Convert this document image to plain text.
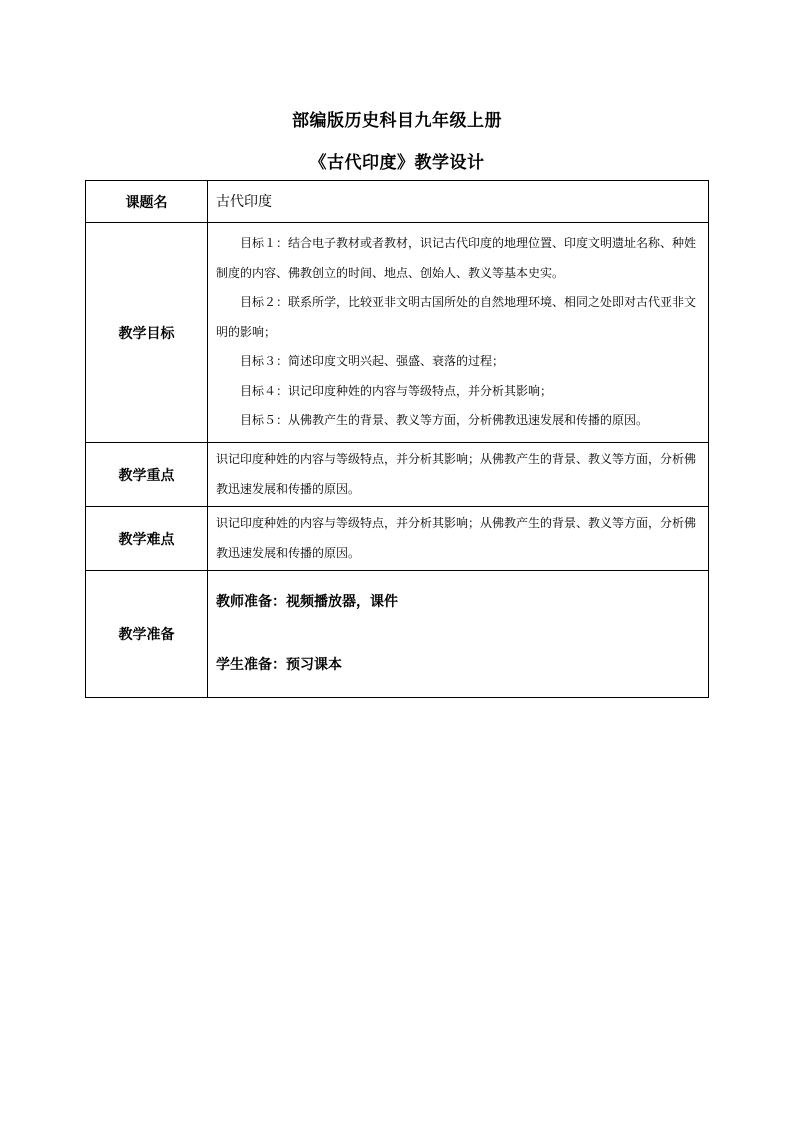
部编版历史科目九年级上册
《古代印度》教学设计
课题名	古代印度

教学目标	目标１：结合电子教材或者教材，识记古代印度的地理位置、印度文明遗址名称、种姓制度的内容、佛教创立的时间、地点、创始人、教义等基本史实。
目标２：联系所学，比较亚非文明古国所处的自然地理环境、相同之处即对古代亚非文明的影响；
目标３：简述印度文明兴起、强盛、衰落的过程；
目标４：识记印度种姓的内容与等级特点，并分析其影响；
目标５：从佛教产生的背景、教义等方面，分析佛教迅速发展和传播的原因。

教学重点	识记印度种姓的内容与等级特点，并分析其影响；从佛教产生的背景、教义等方面，分析佛教迅速发展和传播的原因。

教学难点	识记印度种姓的内容与等级特点，并分析其影响；从佛教产生的背景、教义等方面，分析佛教迅速发展和传播的原因。

教学准备	教师准备：视频播放器，课件
学生准备：预习课本
